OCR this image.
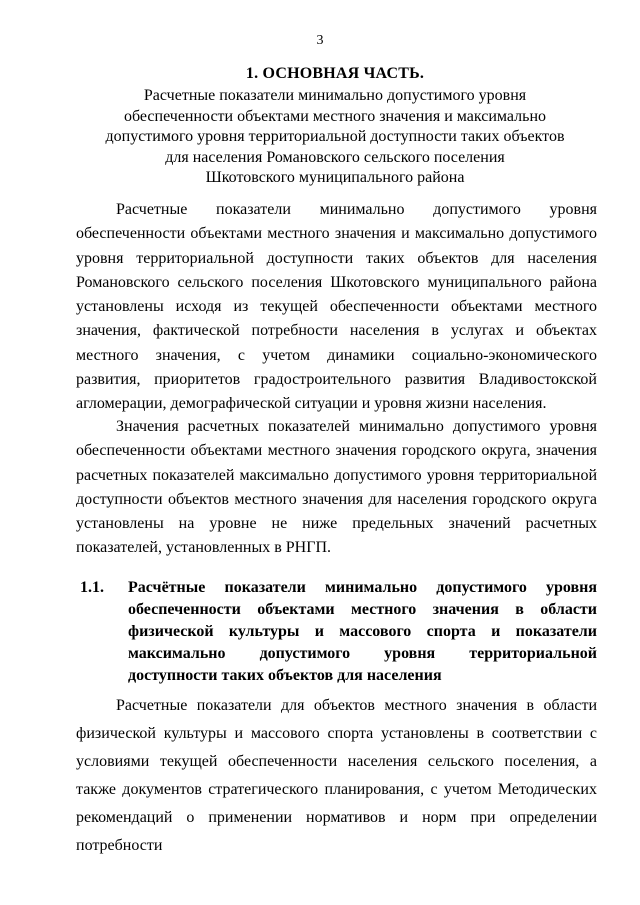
3

1. ОСНОВНАЯ ЧАСТЬ.

Расчетные показатели минимально допустимого уровня

обеспеченности объектами местного значения и максимально

допустимого уровня территориальной доступности таких объектов

для населения Романовского сельского поселения

Шкотовского муниципального района

Расчетные показатели минимально допустимого уровня обеспеченности объектами местного значения и максимально допустимого уровня территориальной доступности таких объектов для населения Романовского сельского поселения Шкотовского муниципального района установлены исходя из текущей обеспеченности объектами местного значения, фактической потребности населения в услугах и объектах местного значения, с учетом динамики социально-экономического развития, приоритетов градостроительного развития Владивостокской агломерации, демографической ситуации и уровня жизни населения.

Значения расчетных показателей минимально допустимого уровня обеспеченности объектами местного значения городского округа, значения расчетных показателей максимально допустимого уровня территориальной доступности объектов местного значения для населения городского округа установлены на уровне не ниже предельных значений расчетных показателей, установленных в РНГП.

1.1. Расчётные показатели минимально допустимого уровня обеспеченности объектами местного значения в области физической культуры и массового спорта и показатели максимально допустимого уровня территориальной доступности таких объектов для населения

Расчетные показатели для объектов местного значения в области физической культуры и массового спорта установлены в соответствии с условиями текущей обеспеченности населения сельского поселения, а также документов стратегического планирования, с учетом Методических рекомендаций о применении нормативов и норм при определении потребности
